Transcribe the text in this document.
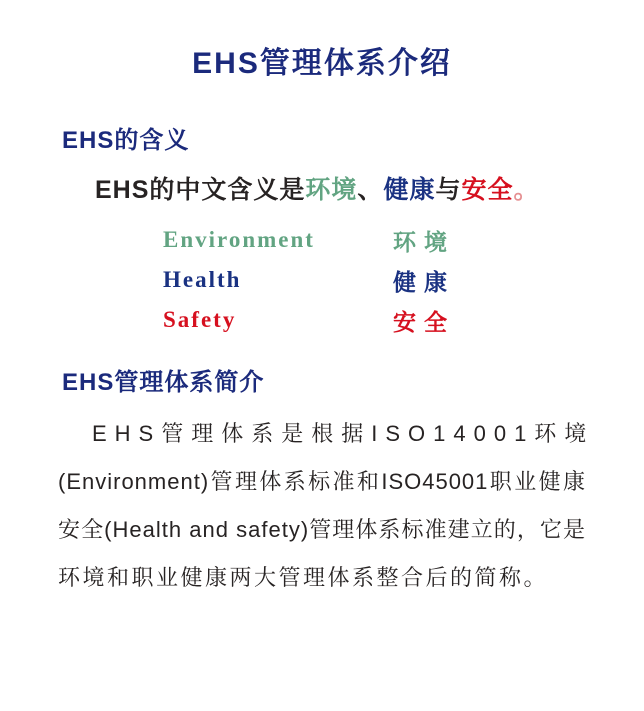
EHS管理体系介绍
EHS的含义

EHS的中文含义是环境、健康与安全。

Environment	环境
Health	健康
Safety	安全
EHS管理体系简介
EHS管理体系是根据ISO14001环境
(Environment)管理体系标准和ISO45001职业健康
安全(Health and safety)管理体系标准建立的，它是
环境和职业健康两大管理体系整合后的简称。
